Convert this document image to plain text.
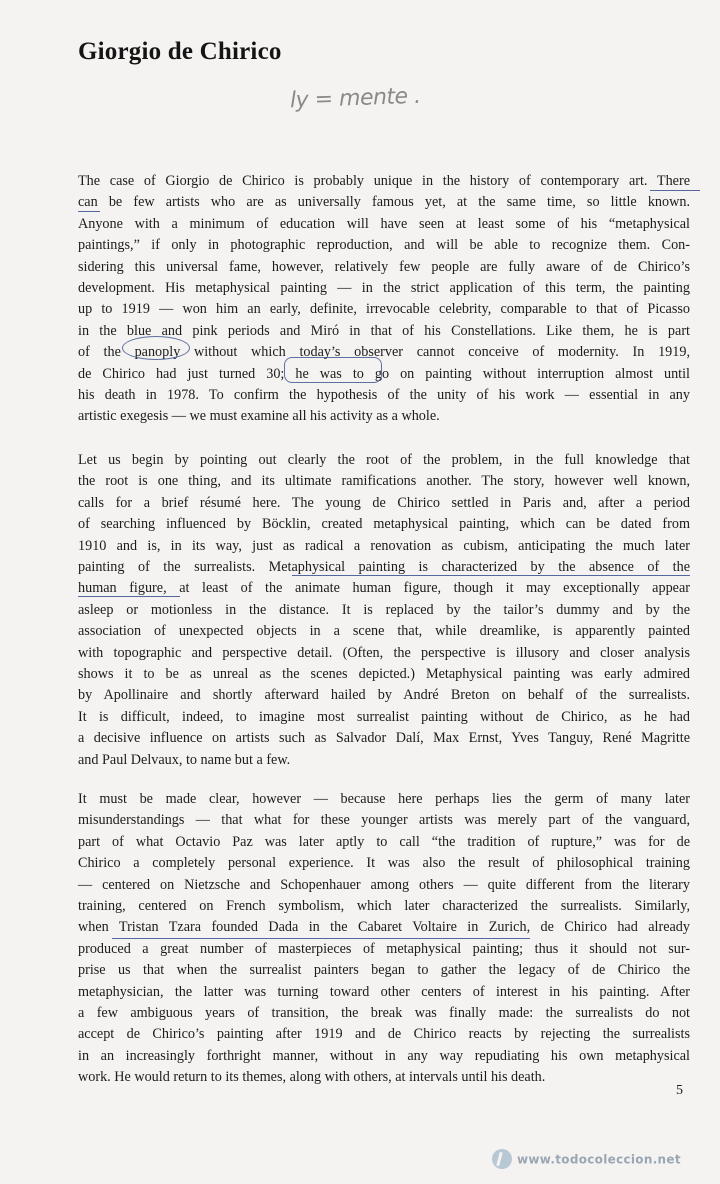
Giorgio de Chirico
ly = mente .

The case of Giorgio de Chirico is probably unique in the history of contemporary art. There
can be few artists who are as universally famous yet, at the same time, so little known.
Anyone with a minimum of education will have seen at least some of his “metaphysical
paintings,” if only in photographic reproduction, and will be able to recognize them. Con-
sidering this universal fame, however, relatively few people are fully aware of de Chirico’s
development. His metaphysical painting — in the strict application of this term, the painting
up to 1919 — won him an early, definite, irrevocable celebrity, comparable to that of Picasso
in the blue and pink periods and Miró in that of his Constellations. Like them, he is part
of the panoply without which today’s observer cannot conceive of modernity. In 1919,
de Chirico had just turned 30; he was to go on painting without interruption almost until
his death in 1978. To confirm the hypothesis of the unity of his work — essential in any
artistic exegesis — we must examine all his activity as a whole.

Let us begin by pointing out clearly the root of the problem, in the full knowledge that
the root is one thing, and its ultimate ramifications another. The story, however well known,
calls for a brief résumé here. The young de Chirico settled in Paris and, after a period
of searching influenced by Böcklin, created metaphysical painting, which can be dated from
1910 and is, in its way, just as radical a renovation as cubism, anticipating the much later
painting of the surrealists. Metaphysical painting is characterized by the absence of the
human figure, at least of the animate human figure, though it may exceptionally appear
asleep or motionless in the distance. It is replaced by the tailor’s dummy and by the
association of unexpected objects in a scene that, while dreamlike, is apparently painted
with topographic and perspective detail. (Often, the perspective is illusory and closer analysis
shows it to be as unreal as the scenes depicted.) Metaphysical painting was early admired
by Apollinaire and shortly afterward hailed by André Breton on behalf of the surrealists.
It is difficult, indeed, to imagine most surrealist painting without de Chirico, as he had
a decisive influence on artists such as Salvador Dalí, Max Ernst, Yves Tanguy, René Magritte
and Paul Delvaux, to name but a few.

It must be made clear, however — because here perhaps lies the germ of many later
misunderstandings — that what for these younger artists was merely part of the vanguard,
part of what Octavio Paz was later aptly to call “the tradition of rupture,” was for de
Chirico a completely personal experience. It was also the result of philosophical training
— centered on Nietzsche and Schopenhauer among others — quite different from the literary
training, centered on French symbolism, which later characterized the surrealists. Similarly,
when Tristan Tzara founded Dada in the Cabaret Voltaire in Zurich, de Chirico had already
produced a great number of masterpieces of metaphysical painting; thus it should not sur-
prise us that when the surrealist painters began to gather the legacy of de Chirico the
metaphysician, the latter was turning toward other centers of interest in his painting. After
a few ambiguous years of transition, the break was finally made: the surrealists do not
accept de Chirico’s painting after 1919 and de Chirico reacts by rejecting the surrealists
in an increasingly forthright manner, without in any way repudiating his own metaphysical
work. He would return to its themes, along with others, at intervals until his death.

5
www.todocoleccion.net
